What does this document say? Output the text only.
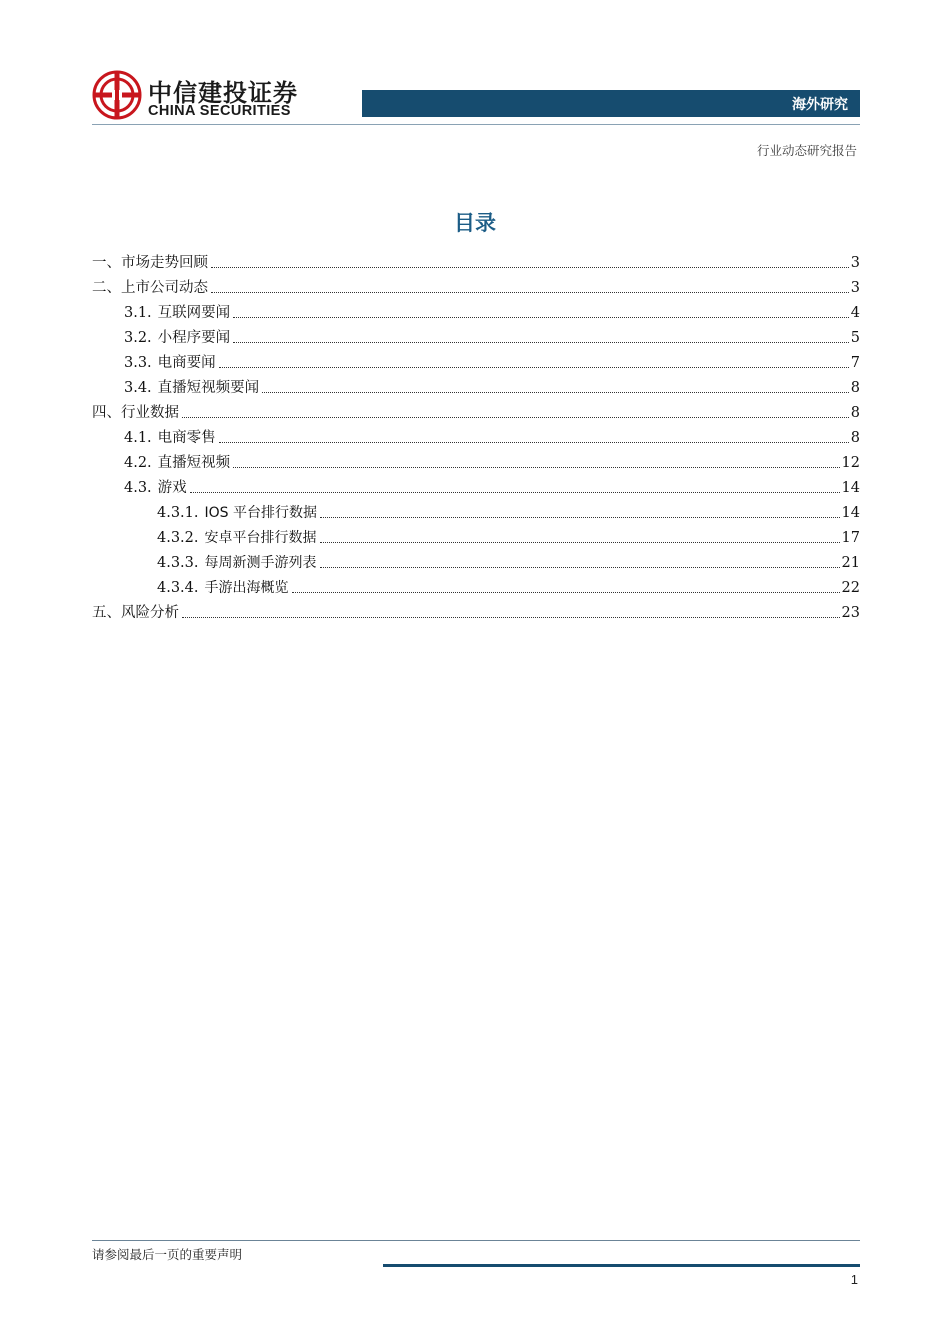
中信建投证券
CHINA SECURITIES	海外研究
行业动态研究报告
目录
一、市场走势回顾	3
二、上市公司动态	3
3.1. 互联网要闻	4
3.2. 小程序要闻	5
3.3. 电商要闻	7
3.4. 直播短视频要闻	8
四、行业数据	8
4.1. 电商零售	8
4.2. 直播短视频	12
4.3. 游戏	14
4.3.1. IOS 平台排行数据	14
4.3.2. 安卓平台排行数据	17
4.3.3. 每周新测手游列表	21
4.3.4. 手游出海概览	22
五、风险分析	23
请参阅最后一页的重要声明
1
